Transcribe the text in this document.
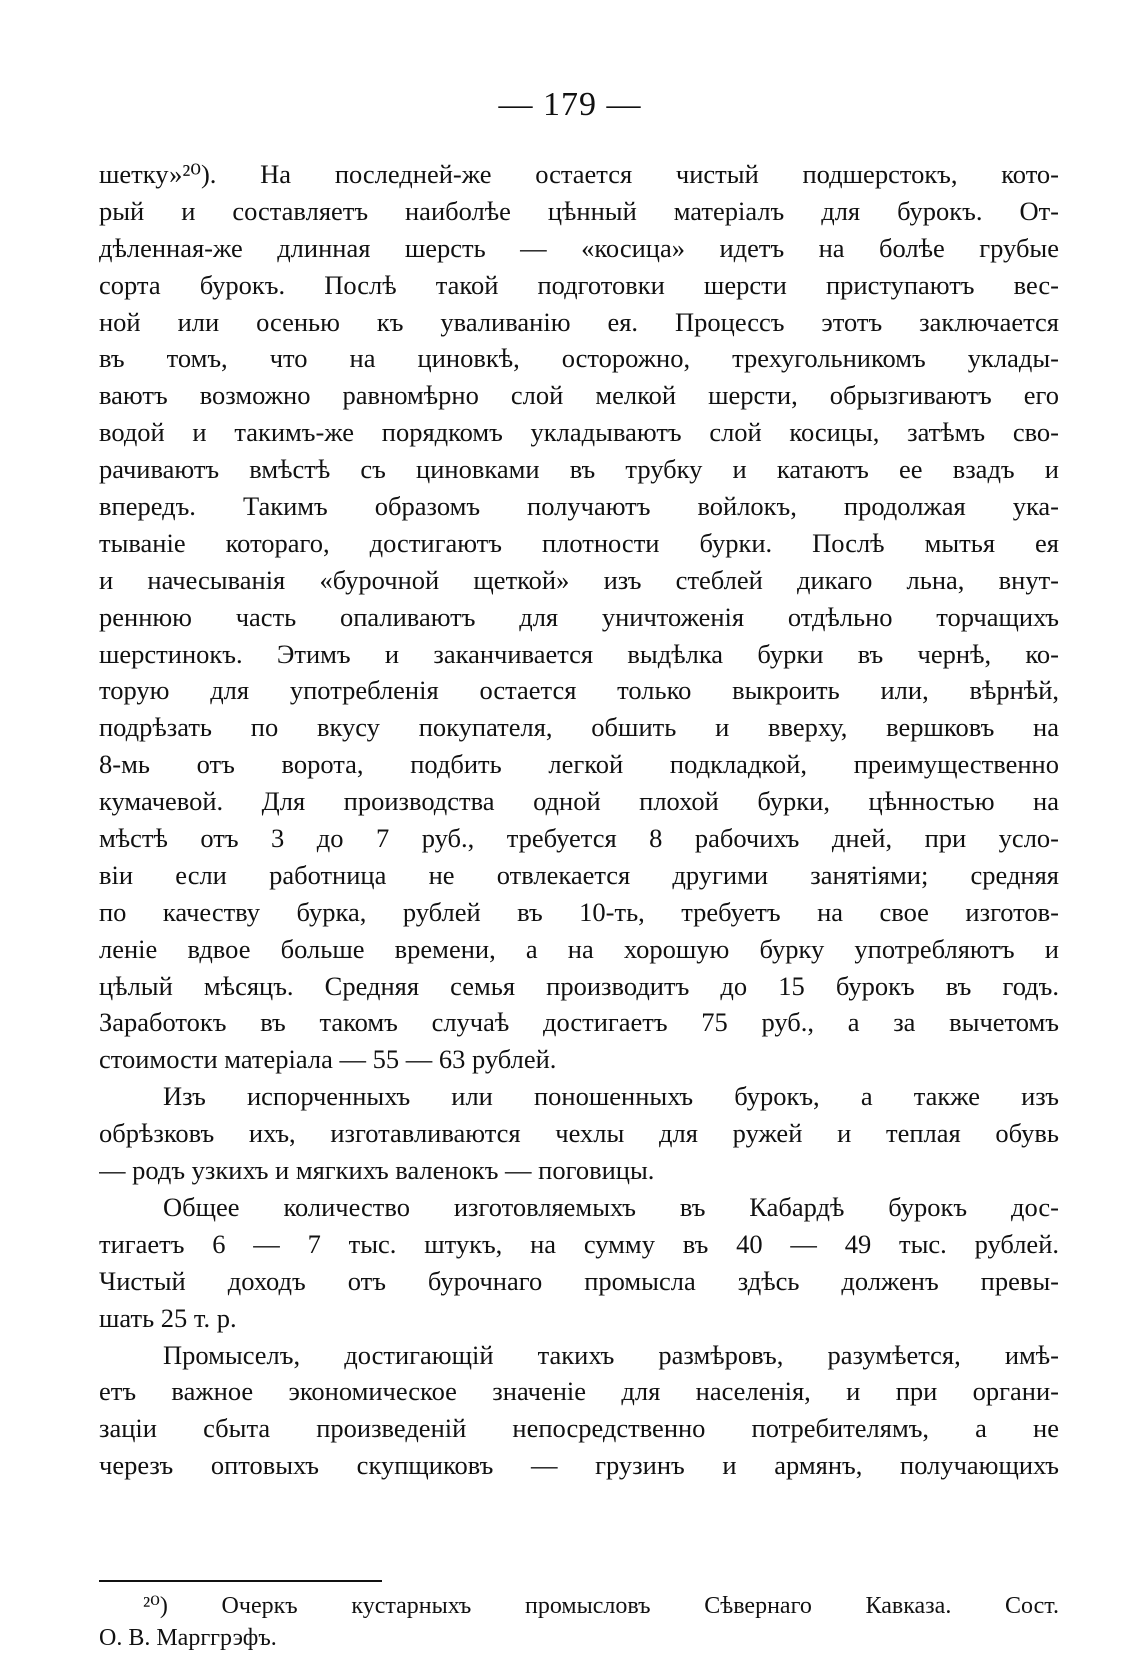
— 179 —
шетку»²⁰). На последней-же остается чистый подшерстокъ, кото-
рый и составляетъ наиболѣе цѣнный матеріалъ для бурокъ. От-
дѣленная-же длинная шерсть — «косица» идетъ на болѣе грубые
сорта бурокъ. Послѣ такой подготовки шерсти приступаютъ вес-
ной или осенью къ уваливанію ея. Процессъ этотъ заключается
въ томъ, что на циновкѣ, осторожно, трехугольникомъ уклады-
ваютъ возможно равномѣрно слой мелкой шерсти, обрызгиваютъ его
водой и такимъ-же порядкомъ укладываютъ слой косицы, затѣмъ сво-
рачиваютъ вмѣстѣ съ циновками въ трубку и катаютъ ее взадъ и
впередъ. Такимъ образомъ получаютъ войлокъ, продолжая ука-
тываніе котораго, достигаютъ плотности бурки. Послѣ мытья ея
и начесыванія «бурочной щеткой» изъ стеблей дикаго льна, внут-
реннюю часть опаливаютъ для уничтоженія отдѣльно торчащихъ
шерстинокъ. Этимъ и заканчивается выдѣлка бурки въ чернѣ, ко-
торую для употребленія остается только выкроить или, вѣрнѣй,
подрѣзать по вкусу покупателя, обшить и вверху, вершковъ на
8-мь отъ ворота, подбить легкой подкладкой, преимущественно
кумачевой. Для производства одной плохой бурки, цѣнностью на
мѣстѣ отъ 3 до 7 руб., требуется 8 рабочихъ дней, при усло-
віи если работница не отвлекается другими занятіями; средняя
по качеству бурка, рублей въ 10-ть, требуетъ на свое изготов-
леніе вдвое больше времени, а на хорошую бурку употребляютъ и
цѣлый мѣсяцъ. Средняя семья производитъ до 15 бурокъ въ годъ.
Заработокъ въ такомъ случаѣ достигаетъ 75 руб., а за вычетомъ
стоимости матеріала — 55 — 63 рублей.
Изъ испорченныхъ или поношенныхъ бурокъ, а также изъ
обрѣзковъ ихъ, изготавливаются чехлы для ружей и теплая обувь
— родъ узкихъ и мягкихъ валенокъ — поговицы.
Общее количество изготовляемыхъ въ Кабардѣ бурокъ дос-
тигаетъ 6 — 7 тыс. штукъ, на сумму въ 40 — 49 тыс. рублей.
Чистый доходъ отъ бурочнаго промысла здѣсь долженъ превы-
шать 25 т. р.
Промыселъ, достигающій такихъ размѣровъ, разумѣется, имѣ-
етъ важное экономическое значеніе для населенія, и при органи-
заціи сбыта произведеній непосредственно потребителямъ, а не
черезъ оптовыхъ скупщиковъ — грузинъ и армянъ, получающихъ
²⁰) Очеркъ кустарныхъ промысловъ Сѣвернаго Кавказа. Сост.
О. В. Марггрэфъ.
